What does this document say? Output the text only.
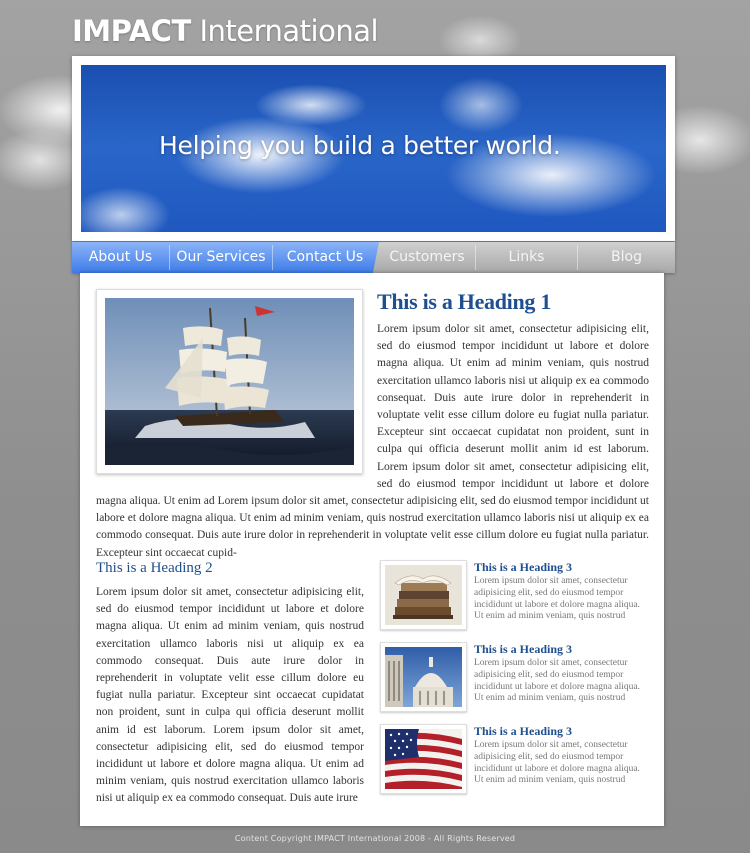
IMPACT International

Helping you build a better world.

About Us	Our Services	Contact Us	Customers	Links	Blog
This is a Heading 1

Lorem ipsum dolor sit amet, consectetur adipisicing elit, sed do eiusmod tempor incididunt ut labore et dolore magna aliqua. Ut enim ad minim veniam, quis nostrud exercitation ullamco laboris nisi ut aliquip ex ea commodo consequat. Duis aute irure dolor in reprehenderit in voluptate velit esse cillum dolore eu fugiat nulla pariatur. Excepteur sint occaecat cupidatat non proident, sunt in culpa qui officia deserunt mollit anim id est laborum. Lorem ipsum dolor sit amet, consectetur adipisicing elit, sed do eiusmod tempor incididunt ut labore et dolore magna aliqua. Ut enim ad Lorem ipsum dolor sit amet, consectetur adipisicing elit, sed do eiusmod tempor incididunt ut labore et dolore magna aliqua. Ut enim ad minim veniam, quis nostrud exercitation ullamco laboris nisi ut aliquip ex ea commodo consequat. Duis aute irure dolor in reprehenderit in voluptate velit esse cillum dolore eu fugiat nulla pariatur. Excepteur sint occaecat cupid-

This is a Heading 2

Lorem ipsum dolor sit amet, consectetur adipisicing elit, sed do eiusmod tempor incididunt ut labore et dolore magna aliqua. Ut enim ad minim veniam, quis nostrud exercitation ullamco laboris nisi ut aliquip ex ea commodo consequat. Duis aute irure dolor in reprehenderit in voluptate velit esse cillum dolore eu fugiat nulla pariatur. Excepteur sint occaecat cupidatat non proident, sunt in culpa qui officia deserunt mollit anim id est laborum. Lorem ipsum dolor sit amet, consectetur adipisicing elit, sed do eiusmod tempor incididunt ut labore et dolore magna aliqua. Ut enim ad minim veniam, quis nostrud exercitation ullamco laboris nisi ut aliquip ex ea commodo consequat. Duis aute irure

This is a Heading 3
Lorem ipsum dolor sit amet, consectetur adipisicing elit, sed do eiusmod tempor incididunt ut labore et dolore magna aliqua. Ut enim ad minim veniam, quis nostrud
This is a Heading 3
Lorem ipsum dolor sit amet, consectetur adipisicing elit, sed do eiusmod tempor incididunt ut labore et dolore magna aliqua. Ut enim ad minim veniam, quis nostrud
This is a Heading 3
Lorem ipsum dolor sit amet, consectetur adipisicing elit, sed do eiusmod tempor incididunt ut labore et dolore magna aliqua. Ut enim ad minim veniam, quis nostrud
Content Copyright IMPACT International 2008 - All Rights Reserved
